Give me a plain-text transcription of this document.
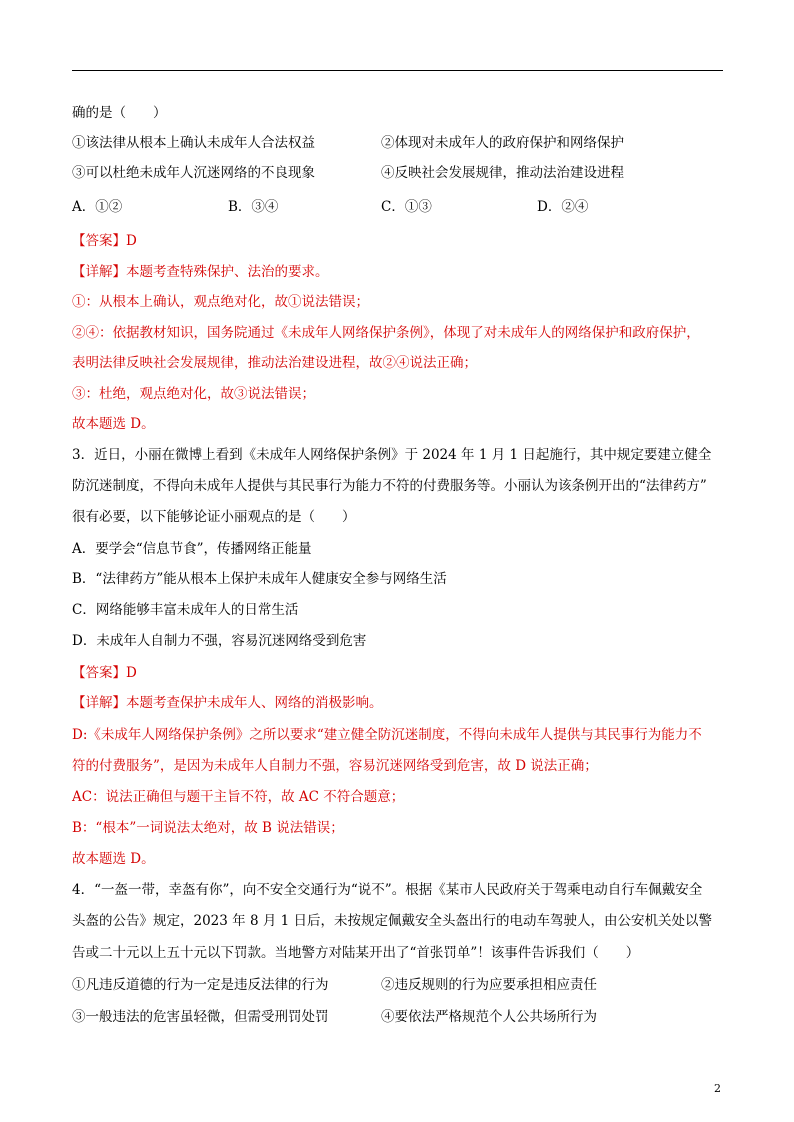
确的是（　　）
①该法律从根本上确认未成年人合法权益	②体现对未成年人的政府保护和网络保护
③可以杜绝未成年人沉迷网络的不良现象	④反映社会发展规律，推动法治建设进程
A．①②	B．③④	C．①③	D．②④
【答案】D
【详解】本题考查特殊保护、法治的要求。
①：从根本上确认，观点绝对化，故①说法错误；
②④：依据教材知识，国务院通过《未成年人网络保护条例》，体现了对未成年人的网络保护和政府保护，
表明法律反映社会发展规律，推动法治建设进程，故②④说法正确；
③：杜绝，观点绝对化，故③说法错误；
故本题选 D。
3．近日，小丽在微博上看到《未成年人网络保护条例》于 2024 年 1 月 1 日起施行，其中规定要建立健全
防沉迷制度，不得向未成年人提供与其民事行为能力不符的付费服务等。小丽认为该条例开出的“法律药方”
很有必要，以下能够论证小丽观点的是（　　）
A．要学会“信息节食”，传播网络正能量
B．“法律药方”能从根本上保护未成年人健康安全参与网络生活
C．网络能够丰富未成年人的日常生活
D．未成年人自制力不强，容易沉迷网络受到危害
【答案】D
【详解】本题考查保护未成年人、网络的消极影响。
D:《未成年人网络保护条例》之所以要求“建立健全防沉迷制度，不得向未成年人提供与其民事行为能力不
符的付费服务”，是因为未成年人自制力不强，容易沉迷网络受到危害，故 D 说法正确；
AC：说法正确但与题干主旨不符，故 AC 不符合题意；
B：“根本”一词说法太绝对，故 B 说法错误；
故本题选 D。
4．“一盔一带，幸盔有你”，向不安全交通行为“说不”。根据《某市人民政府关于驾乘电动自行车佩戴安全
头盔的公告》规定，2023 年 8 月 1 日后，未按规定佩戴安全头盔出行的电动车驾驶人，由公安机关处以警
告或二十元以上五十元以下罚款。当地警方对陆某开出了“首张罚单”！该事件告诉我们（　　）
①凡违反道德的行为一定是违反法律的行为	②违反规则的行为应要承担相应责任
③一般违法的危害虽轻微，但需受刑罚处罚	④要依法严格规范个人公共场所行为
2
